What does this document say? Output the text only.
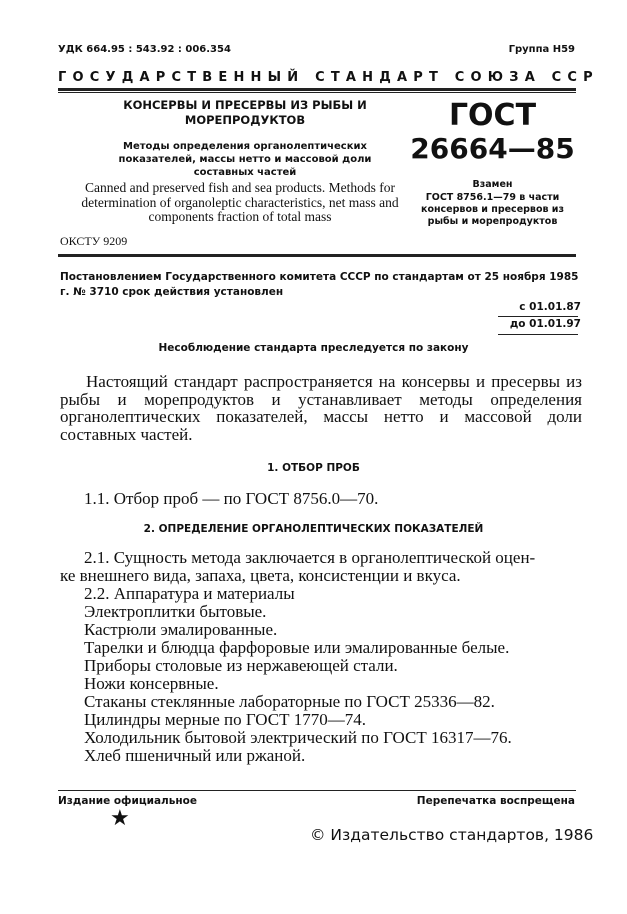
УДК 664.95 : 543.92 : 006.354	Группа Н59
ГОСУДАРСТВЕННЫЙ СТАНДАРТ СОЮЗА ССР
КОНСЕРВЫ И ПРЕСЕРВЫ ИЗ РЫБЫ И МОРЕПРОДУКТОВ
Методы определения органолептических показателей, массы нетто и массовой доли составных частей
Canned and preserved fish and sea products. Methods for determination of organoleptic characteristics, net mass and components fraction of total mass
ОКСТУ 9209
ГОСТ
26664—85
Взамен
ГОСТ 8756.1—79 в части консервов и пресервов из рыбы и морепродуктов
Постановлением Государственного комитета СССР по стандартам от 25 ноября 1985 г. № 3710 срок действия установлен
с 01.01.87
до 01.01.97
Несоблюдение стандарта преследуется по закону
Настоящий стандарт распространяется на консервы и пресервы из рыбы и морепродуктов и устанавливает методы определения органолептических показателей, массы нетто и массовой доли составных частей.
1. ОТБОР ПРОБ
1.1. Отбор проб — по ГОСТ 8756.0—70.
2. ОПРЕДЕЛЕНИЕ ОРГАНОЛЕПТИЧЕСКИХ ПОКАЗАТЕЛЕЙ
2.1. Сущность метода заключается в органолептической оцен-
ке внешнего вида, запаха, цвета, консистенции и вкуса.
2.2. Аппаратура и материалы
Электроплитки бытовые.
Кастрюли эмалированные.
Тарелки и блюдца фарфоровые или эмалированные белые.
Приборы столовые из нержавеющей стали.
Ножи консервные.
Стаканы стеклянные лабораторные по ГОСТ 25336—82.
Цилиндры мерные по ГОСТ 1770—74.
Холодильник бытовой электрический по ГОСТ 16317—76.
Хлеб пшеничный или ржаной.
Издание официальное	Перепечатка воспрещена
★
© Издательство стандартов, 1986
